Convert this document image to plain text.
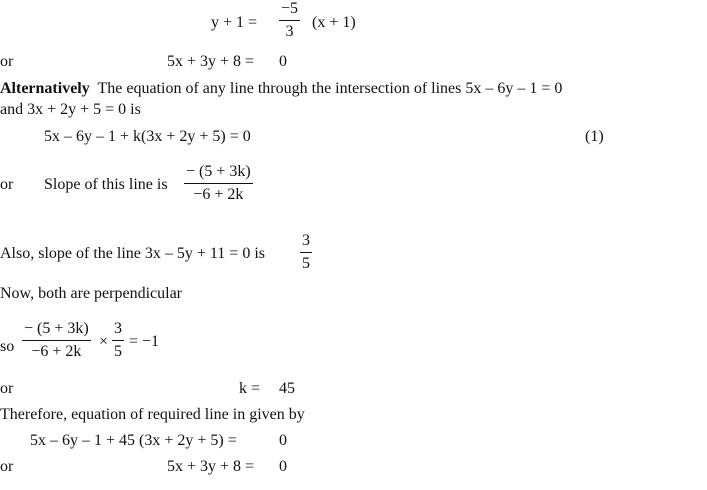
$y + 1 = \frac{-5}{3} (x + 1)$
or	5x + 3y + 8 = 0
Alternatively The equation of any line through the intersection of lines 5x – 6y – 1 = 0
and 3x + 2y + 5 = 0 is
5x – 6y – 1 + k(3x + 2y + 5) = 0	(1)
or Slope of this line is $\frac{- (5 + 3k)}{-6 + 2k}$
Also, slope of the line 3x – 5y + 11 = 0 is $\frac{3}{5}$
Now, both are perpendicular
so $\frac{- (5 + 3k)}{-6 + 2k} \times \frac{3}{5} = -1$
or	k = 45
Therefore, equation of required line in given by
5x – 6y – 1 + 45 (3x + 2y + 5) =	0
or	5x + 3y + 8 = 0
